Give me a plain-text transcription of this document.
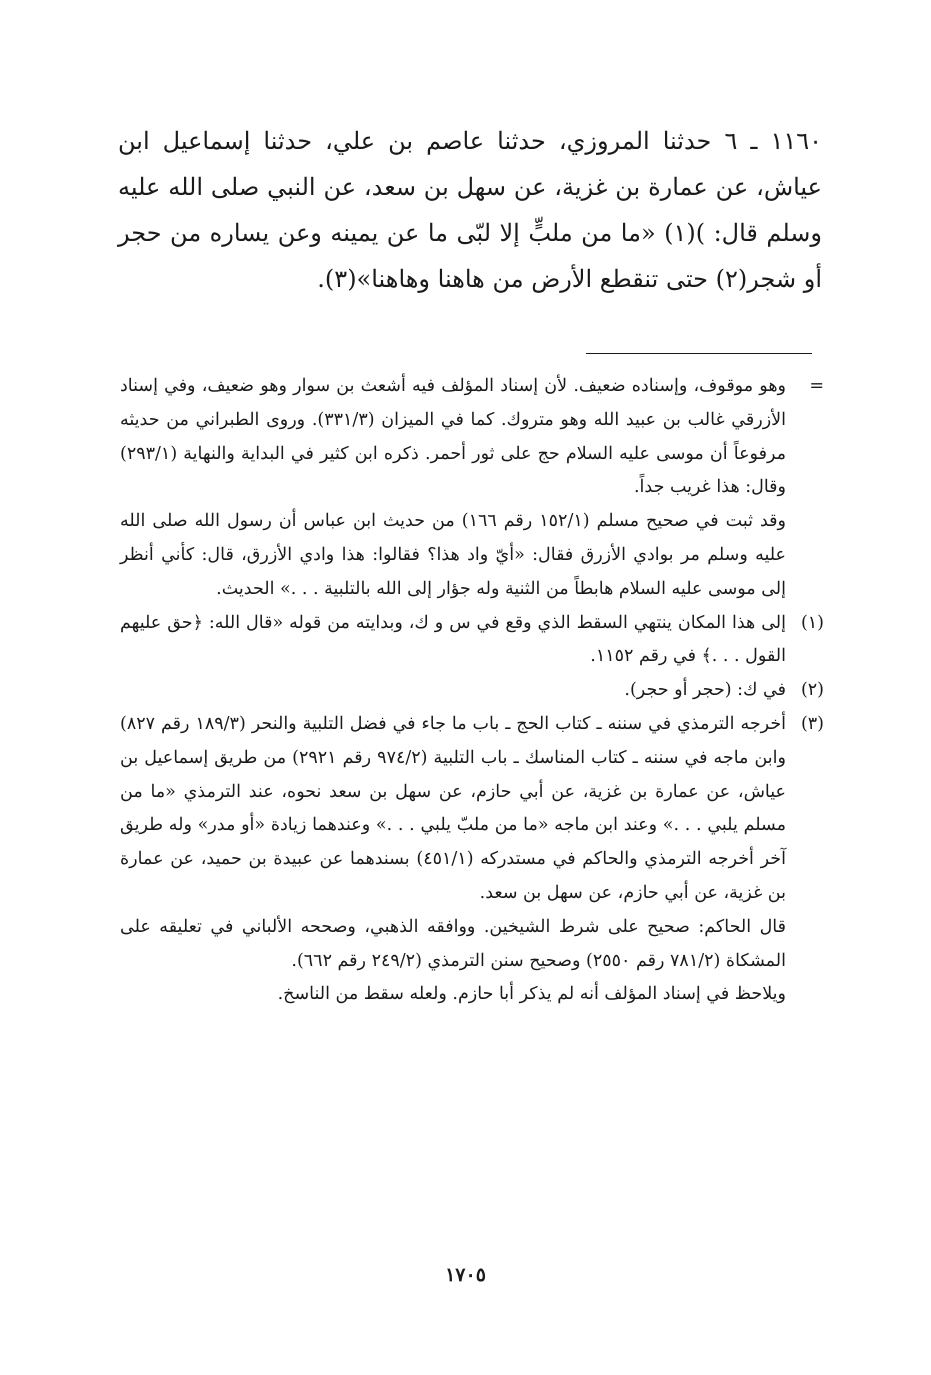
١١٦٠ ـ ٦ حدثنا المروزي، حدثنا عاصم بن علي، حدثنا إسماعيل ابن عياش، عن عمارة بن غزية، عن سهل بن سعد، عن النبي صلى الله عليه وسلم قال: )(١) «ما من ملبٍّ إلا لبّى ما عن يمينه وعن يساره من حجر أو شجر(٢) حتى تنقطع الأرض من هاهنا وهاهنا»(٣).

=

وهو موقوف، وإسناده ضعيف. لأن إسناد المؤلف فيه أشعث بن سوار وهو ضعيف، وفي إسناد الأزرقي غالب بن عبيد الله وهو متروك. كما في الميزان (٣٣١/٣). وروى الطبراني من حديثه مرفوعاً أن موسى عليه السلام حج على ثور أحمر. ذكره ابن كثير في البداية والنهاية (٢٩٣/١) وقال: هذا غريب جداً.

وقد ثبت في صحيح مسلم (١٥٢/١ رقم ١٦٦) من حديث ابن عباس أن رسول الله صلى الله عليه وسلم مر بوادي الأزرق فقال: «أيّ واد هذا؟ فقالوا: هذا وادي الأزرق، قال: كأني أنظر إلى موسى عليه السلام هابطاً من الثنية وله جؤار إلى الله بالتلبية . . .» الحديث.

(١)

إلى هذا المكان ينتهي السقط الذي وقع في س و ك، وبدايته من قوله «قال الله: ﴿حق عليهم القول . . .﴾ في رقم ١١٥٢.

(٢)

في ك: (حجر أو حجر).

(٣)

أخرجه الترمذي في سننه ـ كتاب الحج ـ باب ما جاء في فضل التلبية والنحر (١٨٩/٣ رقم ٨٢٧) وابن ماجه في سننه ـ كتاب المناسك ـ باب التلبية (٩٧٤/٢ رقم ٢٩٢١) من طريق إسماعيل بن عياش، عن عمارة بن غزية، عن أبي حازم، عن سهل بن سعد نحوه، عند الترمذي «ما من مسلم يلبي . . .» وعند ابن ماجه «ما من ملبّ يلبي . . .» وعندهما زيادة «أو مدر» وله طريق آخر أخرجه الترمذي والحاكم في مستدركه (٤٥١/١) بسندهما عن عبيدة بن حميد، عن عمارة بن غزية، عن أبي حازم، عن سهل بن سعد.

قال الحاكم: صحيح على شرط الشيخين. ووافقه الذهبي، وصححه الألباني في تعليقه على المشكاة (٧٨١/٢ رقم ٢٥٥٠) وصحيح سنن الترمذي (٢٤٩/٢ رقم ٦٦٢).

ويلاحظ في إسناد المؤلف أنه لم يذكر أبا حازم. ولعله سقط من الناسخ.

١٧٠٥
